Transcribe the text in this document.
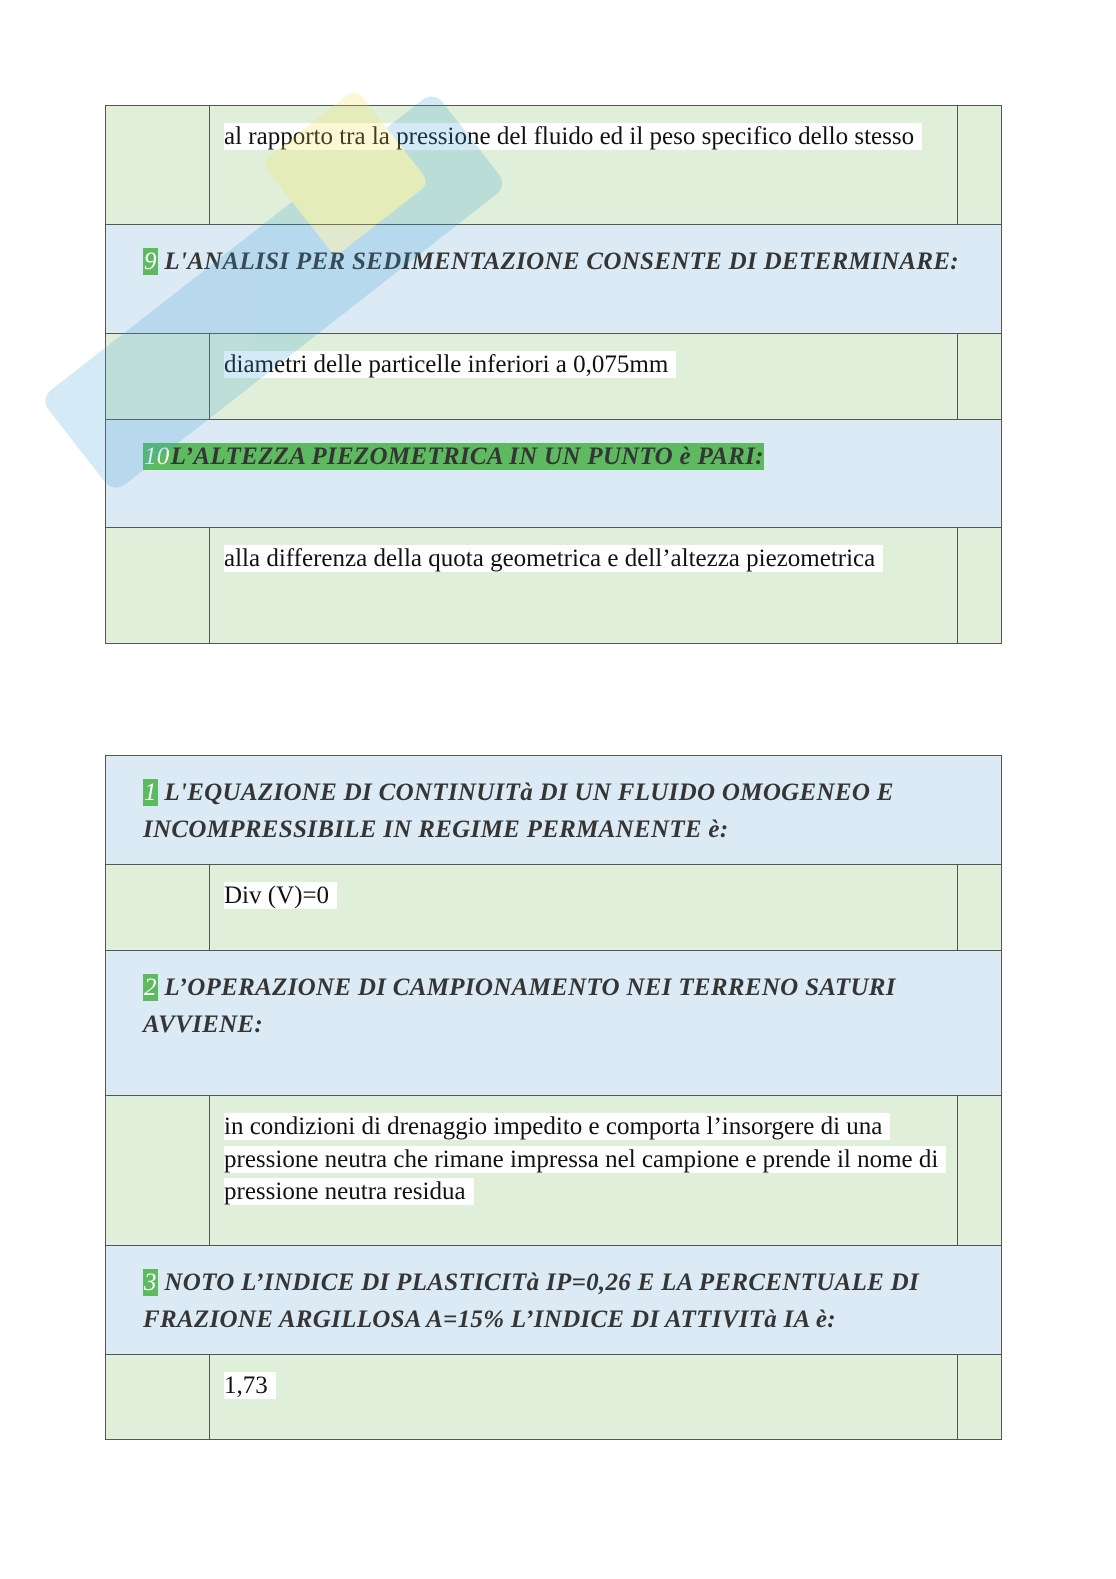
al rapporto tra la pressione del fluido ed il peso specifico dello stesso
9 L'ANALISI PER SEDIMENTAZIONE CONSENTE DI DETERMINARE:
diametri delle particelle inferiori a 0,075mm
10L’ALTEZZA PIEZOMETRICA IN UN PUNTO è PARI:
alla differenza della quota geometrica e dell’altezza piezometrica
1 L'EQUAZIONE DI CONTINUITà DI UN FLUIDO OMOGENEO E INCOMPRESSIBILE IN REGIME PERMANENTE è:
Div (V)=0
2 L’OPERAZIONE DI CAMPIONAMENTO NEI TERRENO SATURI AVVIENE:
in condizioni di drenaggio impedito e comporta l’insorgere di una pressione neutra che rimane impressa nel campione e prende il nome di pressione neutra residua
3 NOTO L’INDICE DI PLASTICITà IP=0,26 E LA PERCENTUALE DI FRAZIONE ARGILLOSA A=15% L’INDICE DI ATTIVITà IA è:
1,73
